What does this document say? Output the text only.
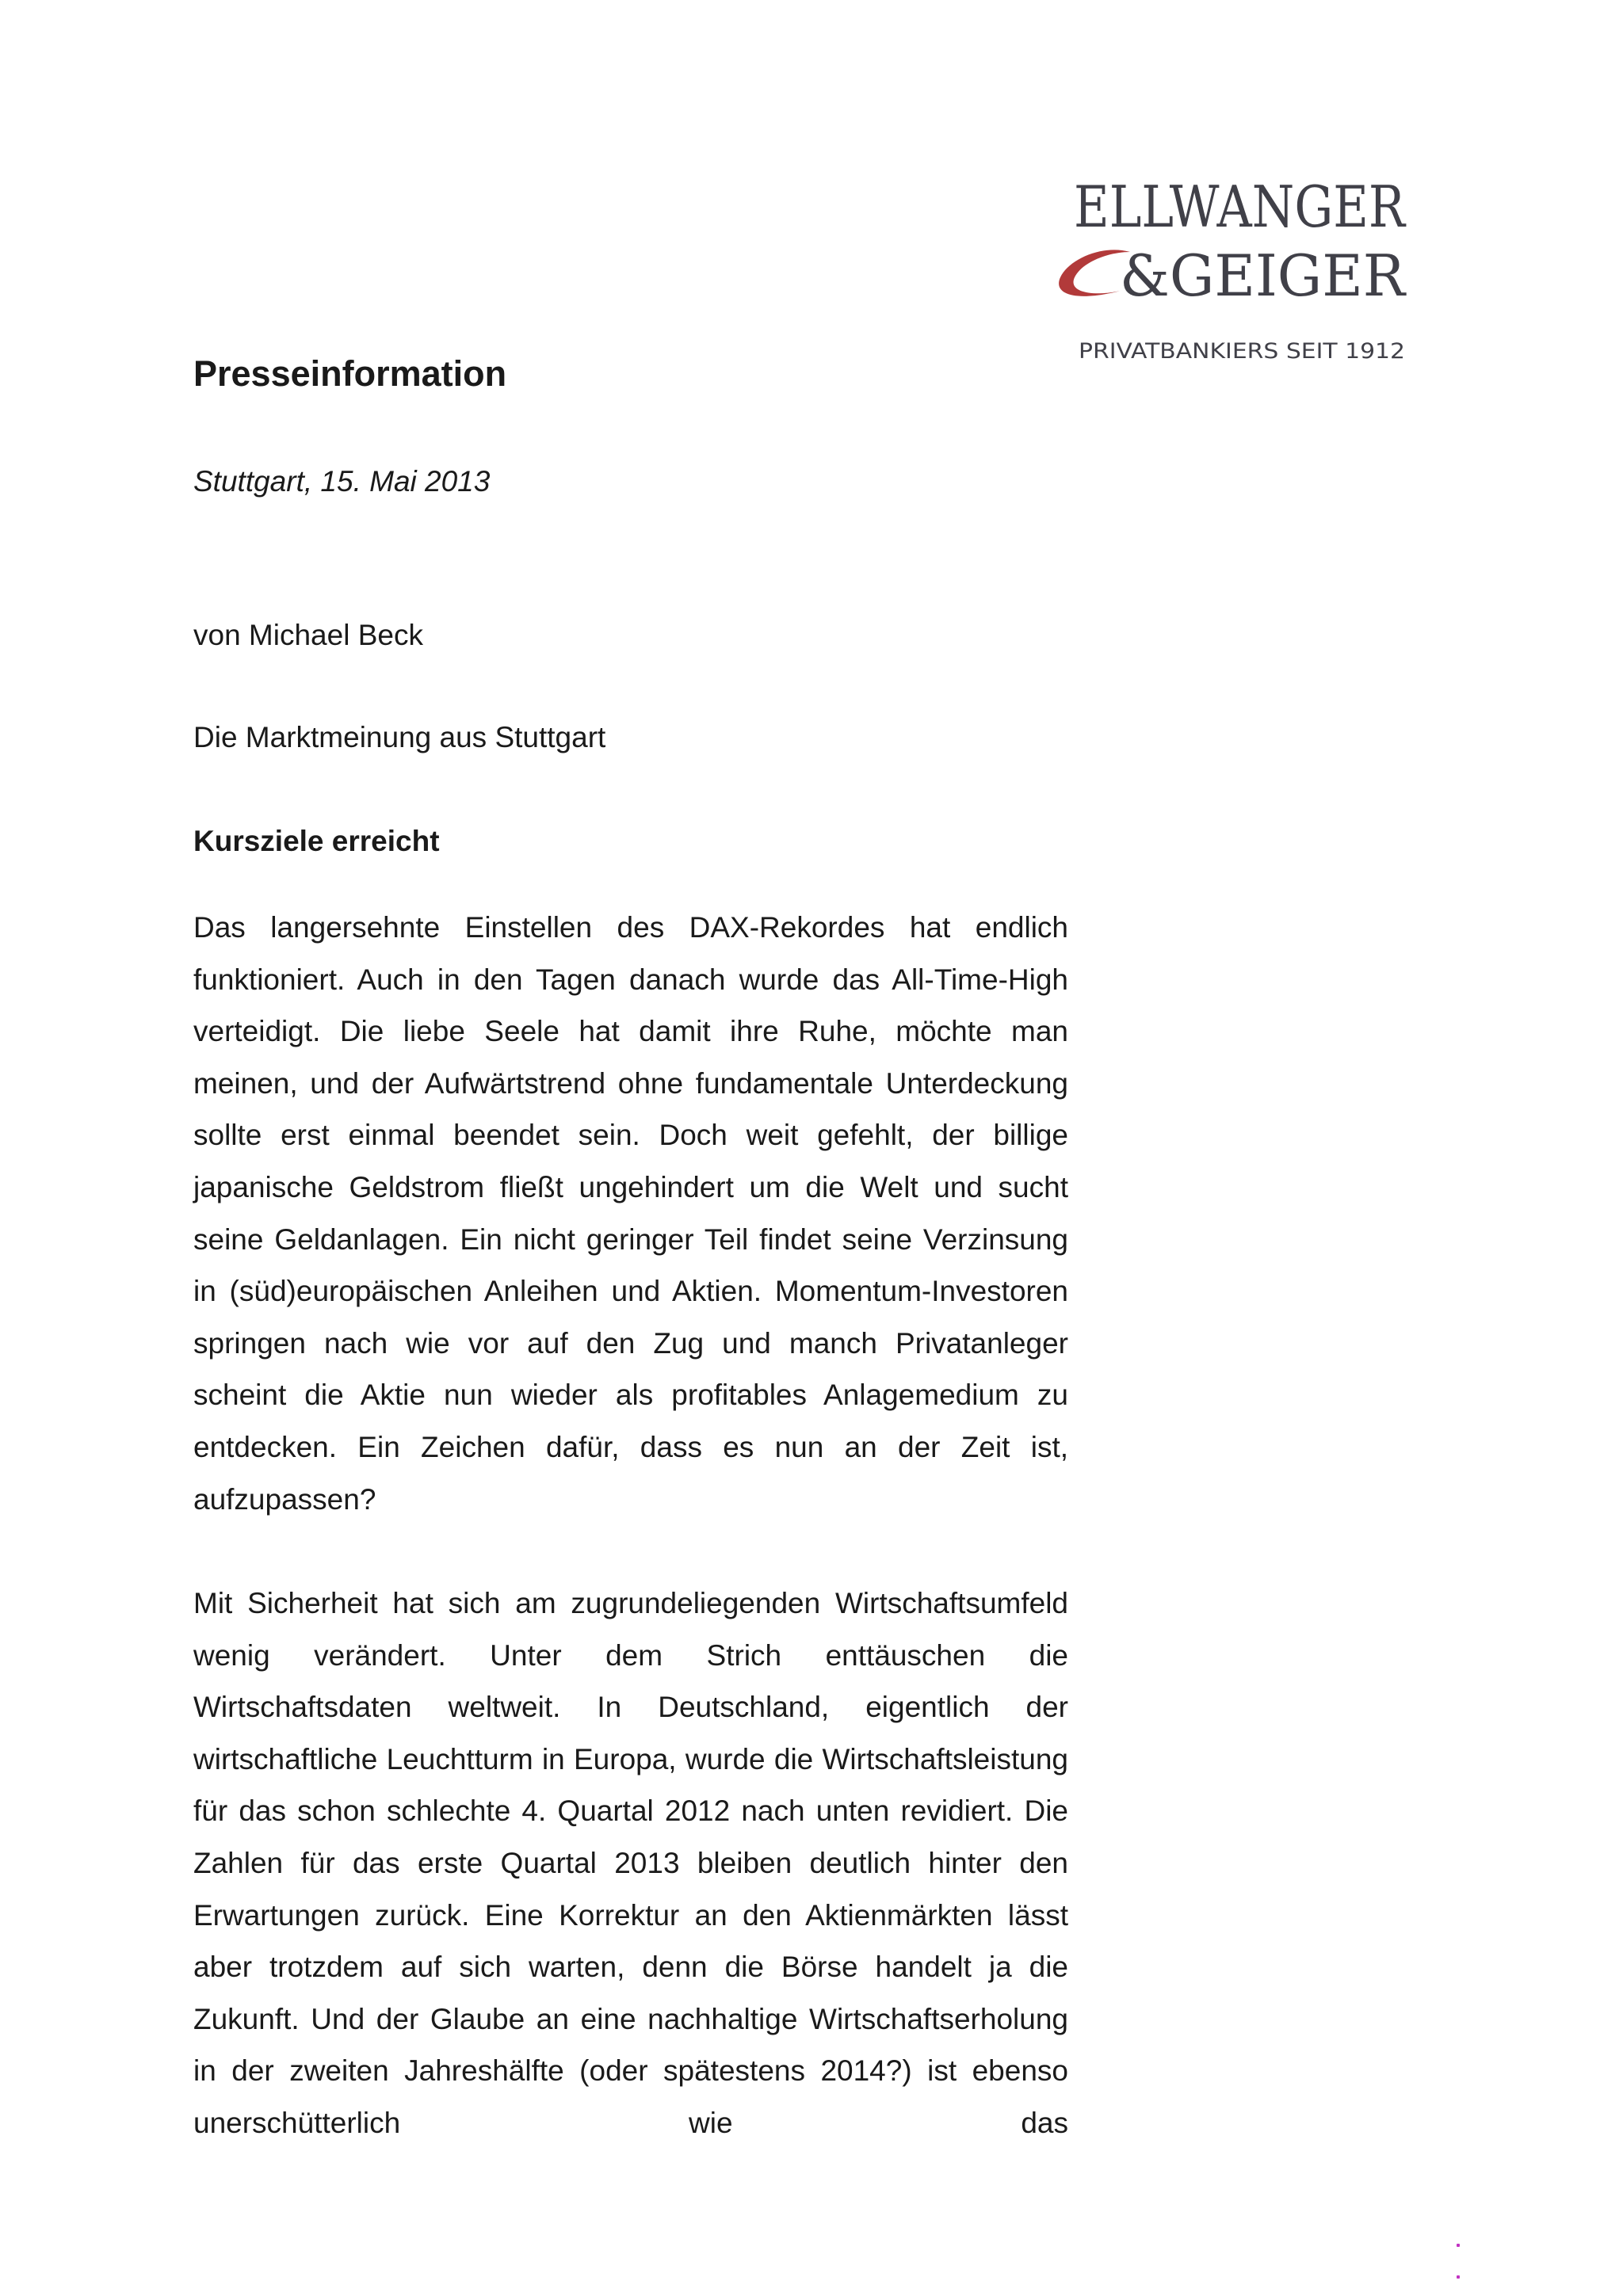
ELLWANGER
&GEIGER
PRIVATBANKIERS SEIT 1912
Presseinformation
Stuttgart, 15. Mai 2013
von Michael Beck
Die Marktmeinung aus Stuttgart
Kursziele erreicht

Das langersehnte Einstellen des DAX-Rekordes hat endlich funktioniert. Auch in den Tagen danach wurde das All-Time-High verteidigt. Die liebe Seele hat damit ihre Ruhe, möchte man meinen, und der Aufwärtstrend ohne fundamentale Unterdeckung sollte erst einmal beendet sein. Doch weit gefehlt, der billige japanische Geldstrom fließt ungehindert um die Welt und sucht seine Geldanlagen. Ein nicht geringer Teil findet seine Verzinsung in (süd)europäischen Anleihen und Aktien. Momentum-Investoren springen nach wie vor auf den Zug und manch Privatanleger scheint die Aktie nun wieder als profitables Anlagemedium zu entdecken. Ein Zeichen dafür, dass es nun an der Zeit ist, aufzupassen?

Mit Sicherheit hat sich am zugrundeliegenden Wirtschaftsumfeld wenig verändert. Unter dem Strich enttäuschen die Wirtschaftsdaten weltweit. In Deutschland, eigentlich der wirtschaftliche Leuchtturm in Europa, wurde die Wirtschaftsleistung für das schon schlechte 4. Quartal 2012 nach unten revidiert. Die Zahlen für das erste Quartal 2013 bleiben deutlich hinter den Erwartungen zurück. Eine Korrektur an den Aktienmärkten lässt aber trotzdem auf sich warten, denn die Börse handelt ja die Zukunft. Und der Glaube an eine nachhaltige Wirtschaftserholung in der zweiten Jahreshälfte (oder spätestens 2014?) ist ebenso unerschütterlich wie das
